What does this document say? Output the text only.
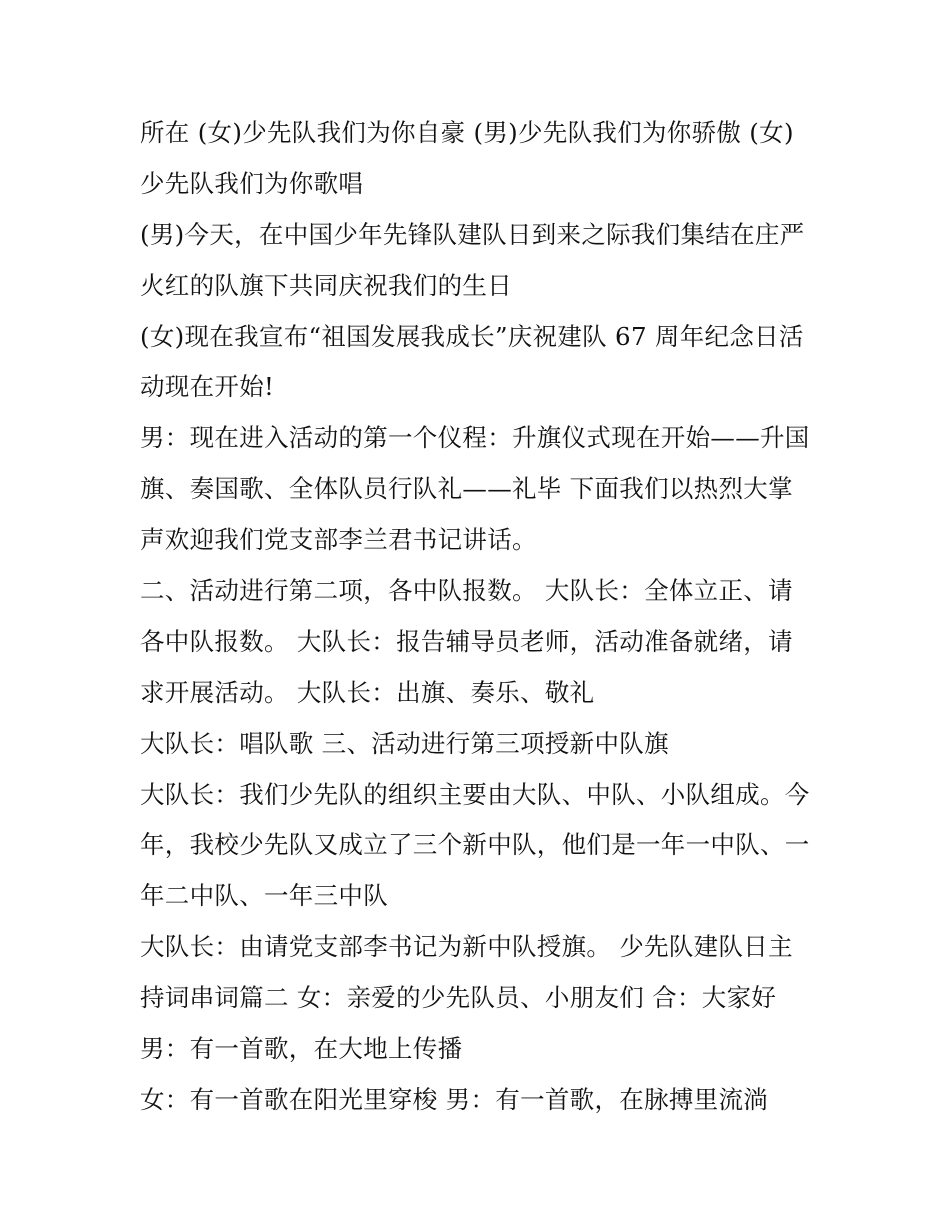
所在 (女)少先队我们为你自豪 (男)少先队我们为你骄傲 (女)
少先队我们为你歌唱
(男)今天，在中国少年先锋队建队日到来之际我们集结在庄严
火红的队旗下共同庆祝我们的生日
(女)现在我宣布“祖国发展我成长”庆祝建队 67 周年纪念日活
动现在开始!
男：现在进入活动的第一个仪程：升旗仪式现在开始——升国
旗、奏国歌、全体队员行队礼——礼毕 下面我们以热烈大掌
声欢迎我们党支部李兰君书记讲话。
二、活动进行第二项，各中队报数。 大队长：全体立正、请
各中队报数。 大队长：报告辅导员老师，活动准备就绪，请
求开展活动。 大队长：出旗、奏乐、敬礼
大队长：唱队歌 三、活动进行第三项授新中队旗
大队长：我们少先队的组织主要由大队、中队、小队组成。今
年，我校少先队又成立了三个新中队，他们是一年一中队、一
年二中队、一年三中队
大队长：由请党支部李书记为新中队授旗。 少先队建队日主
持词串词篇二 女：亲爱的少先队员、小朋友们 合：大家好
男：有一首歌，在大地上传播
女：有一首歌在阳光里穿梭 男：有一首歌，在脉搏里流淌
